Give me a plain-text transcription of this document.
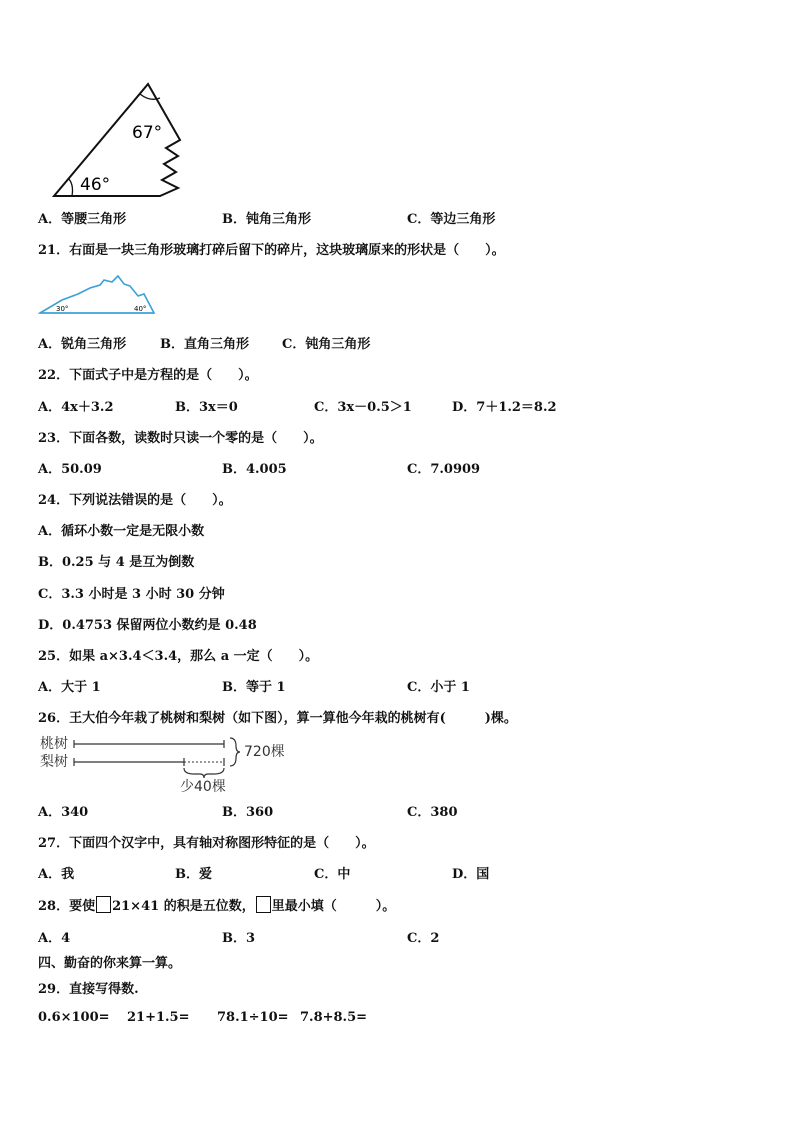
67°
46°
A．等腰三角形	B．钝角三角形	C．等边三角形
21．右面是一块三角形玻璃打碎后留下的碎片，这块玻璃原来的形状是（　　）。
30°	40°
A．锐角三角形	B．直角三角形	C．钝角三角形
22．下面式子中是方程的是（　　）。
A．4x＋3.2	B．3x＝0	C．3x－0.5＞1	D．7＋1.2＝8.2
23．下面各数，读数时只读一个零的是（　　）。
A．50.09	B．4.005	C．7.0909
24．下列说法错误的是（　　）。
A．循环小数一定是无限小数
B．0.25 与 4 是互为倒数
C．3.3 小时是 3 小时 30 分钟
D．0.4753 保留两位小数约是 0.48
25．如果 a×3.4＜3.4，那么 a 一定（　　）。
A．大于 1	B．等于 1	C．小于 1
26．王大伯今年栽了桃树和梨树（如下图），算一算他今年栽的桃树有(　　　)棵。
桃树
梨树
720棵
少40棵
A．340	B．360	C．380
27．下面四个汉字中，具有轴对称图形特征的是（　　）。
A．我	B．爱	C．中	D．国
28．要使 21×41 的积是五位数， 里最小填（　　　）。
A．4	B．3	C．2
四、勤奋的你来算一算。
29．直接写得数.
0.6×100= 21+1.5= 78.1÷10= 7.8+8.5=
